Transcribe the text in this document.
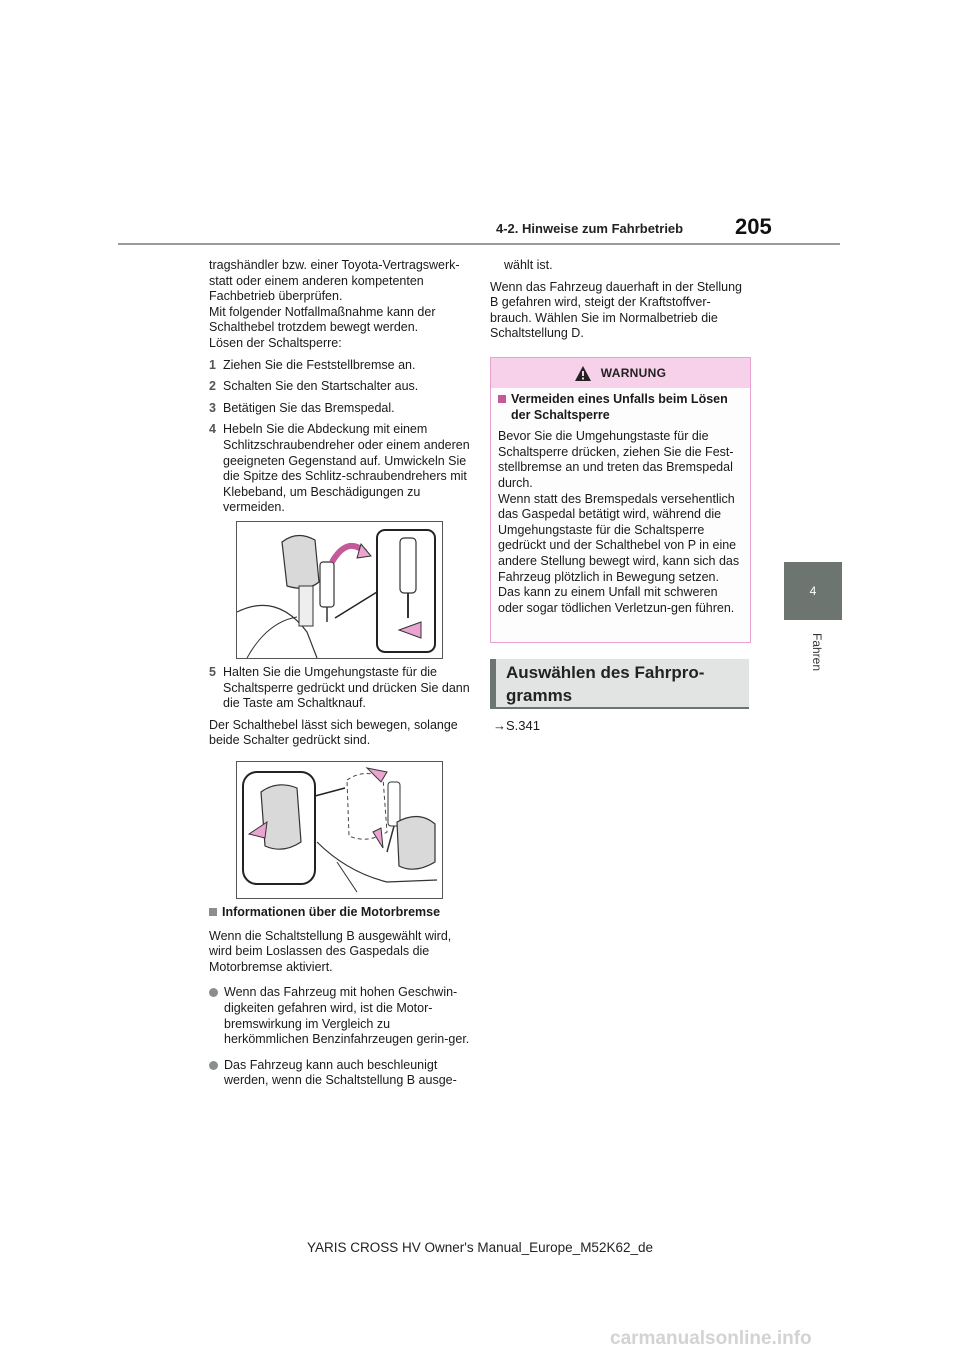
4-2. Hinweise zum Fahrbetrieb 205
4
Fahren

tragshändler bzw. einer Toyota-Vertragswerk-

statt oder einem anderen kompetenten

Fachbetrieb überprüfen.

Mit folgender Notfallmaßnahme kann der

Schalthebel trotzdem bewegt werden.

Lösen der Schaltsperre:

1 Ziehen Sie die Feststellbremse an.
2 Schalten Sie den Startschalter aus.
3 Betätigen Sie das Bremspedal.
4 Hebeln Sie die Abdeckung mit einem Schlitzschraubendreher oder einem anderen geeigneten Gegenstand auf. Umwickeln Sie die Spitze des Schlitz-schraubendrehers mit Klebeband, um Beschädigungen zu vermeiden.
5 Halten Sie die Umgehungstaste für die Schaltsperre gedrückt und drücken Sie dann die Taste am Schaltknauf.

Der Schalthebel lässt sich bewegen, solange beide Schalter gedrückt sind.

Informationen über die Motorbremse

Wenn die Schaltstellung B ausgewählt wird, wird beim Loslassen des Gaspedals die Motorbremse aktiviert.

Wenn das Fahrzeug mit hohen Geschwin-digkeiten gefahren wird, ist die Motor-bremswirkung im Vergleich zu herkömmlichen Benzinfahrzeugen gerin-ger.
Das Fahrzeug kann auch beschleunigt werden, wenn die Schaltstellung B ausge-

wählt ist.

Wenn das Fahrzeug dauerhaft in der Stellung B gefahren wird, steigt der Kraftstoffver-brauch. Wählen Sie im Normalbetrieb die Schaltstellung D.

WARNUNG
Vermeiden eines Unfalls beim Lösen der Schaltsperre

Bevor Sie die Umgehungstaste für die Schaltsperre drücken, ziehen Sie die Fest-stellbremse an und treten das Bremspedal durch.

Wenn statt des Bremspedals versehentlich das Gaspedal betätigt wird, während die Umgehungstaste für die Schaltsperre gedrückt und der Schalthebel von P in eine andere Stellung bewegt wird, kann sich das Fahrzeug plötzlich in Bewegung setzen. Das kann zu einem Unfall mit schweren oder sogar tödlichen Verletzun-gen führen.

Auswählen des Fahrpro-
gramms
→S.341
YARIS CROSS HV Owner's Manual_Europe_M52K62_de
carmanualsonline.info
